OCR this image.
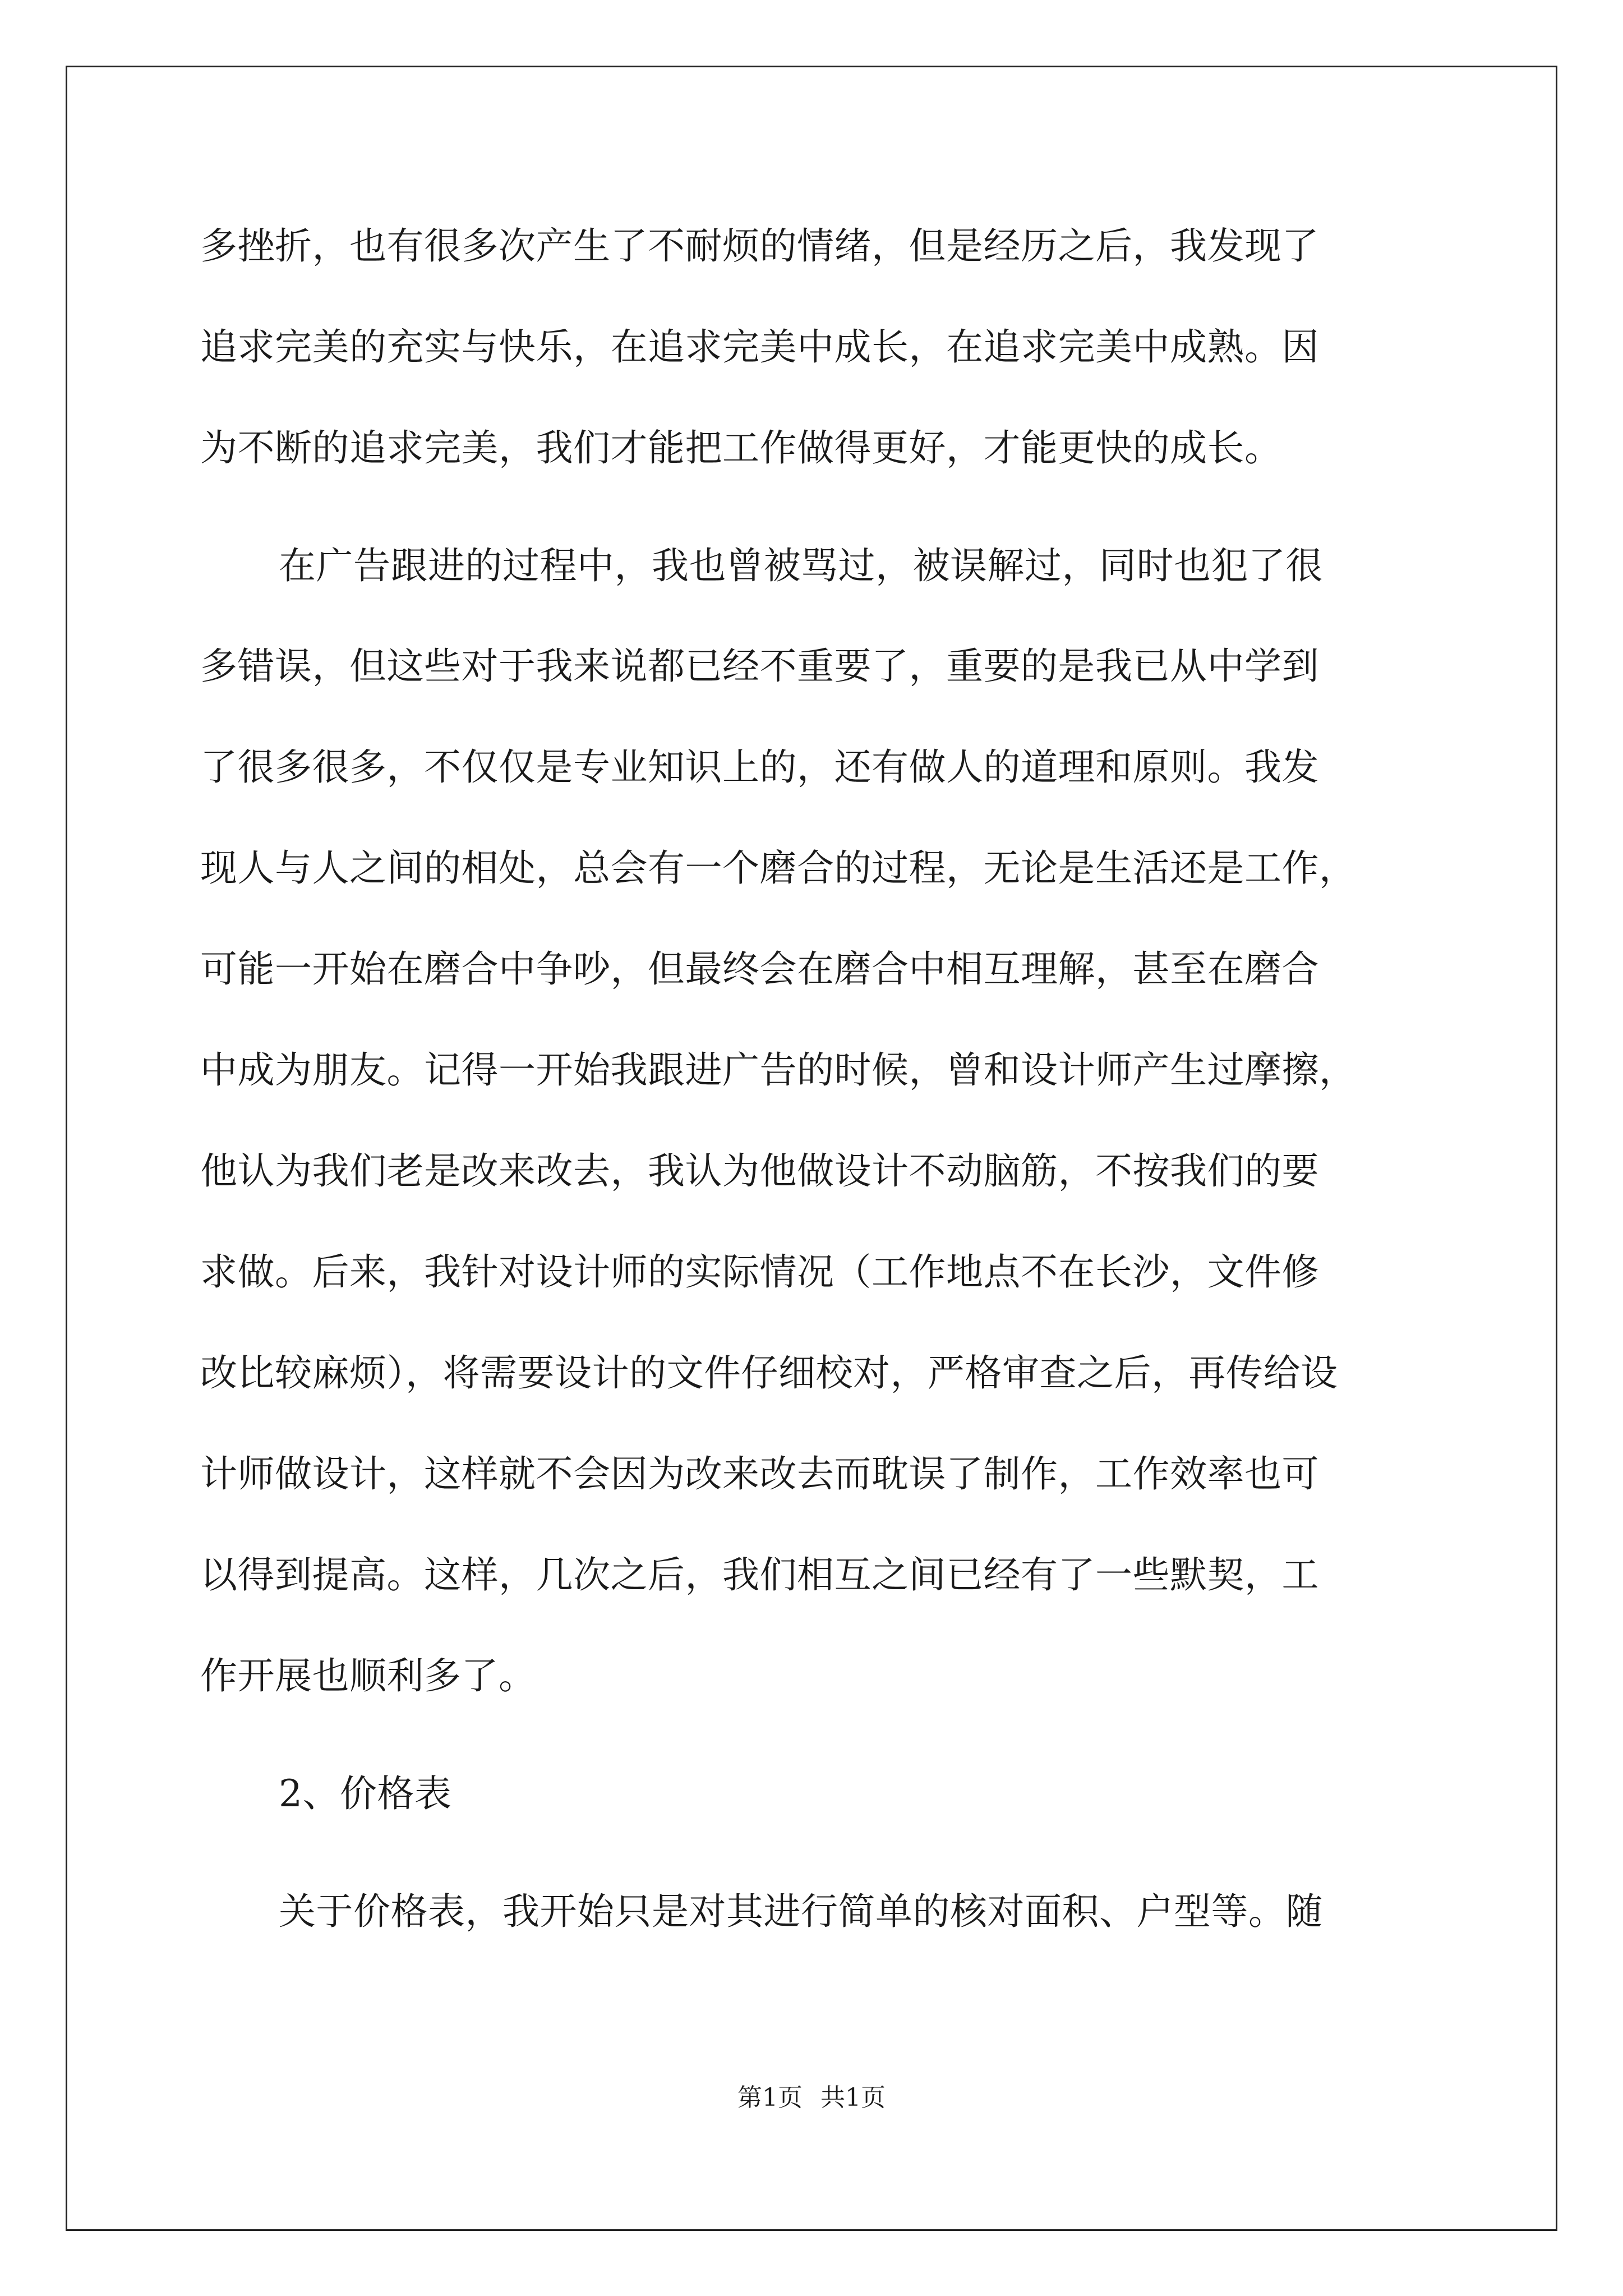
多挫折，也有很多次产生了不耐烦的情绪，但是经历之后，我发现了
追求完美的充实与快乐，在追求完美中成长，在追求完美中成熟。因
为不断的追求完美，我们才能把工作做得更好，才能更快的成长。
在广告跟进的过程中，我也曾被骂过，被误解过，同时也犯了很
多错误，但这些对于我来说都已经不重要了，重要的是我已从中学到
了很多很多，不仅仅是专业知识上的，还有做人的道理和原则。我发
现人与人之间的相处，总会有一个磨合的过程，无论是生活还是工作，
可能一开始在磨合中争吵，但最终会在磨合中相互理解，甚至在磨合
中成为朋友。记得一开始我跟进广告的时候，曾和设计师产生过摩擦，
他认为我们老是改来改去，我认为他做设计不动脑筋，不按我们的要
求做。后来，我针对设计师的实际情况（工作地点不在长沙，文件修
改比较麻烦），将需要设计的文件仔细校对，严格审查之后，再传给设
计师做设计，这样就不会因为改来改去而耽误了制作，工作效率也可
以得到提高。这样，几次之后，我们相互之间已经有了一些默契，工
作开展也顺利多了。
2、价格表
关于价格表，我开始只是对其进行简单的核对面积、户型等。随
第1页 共1页
